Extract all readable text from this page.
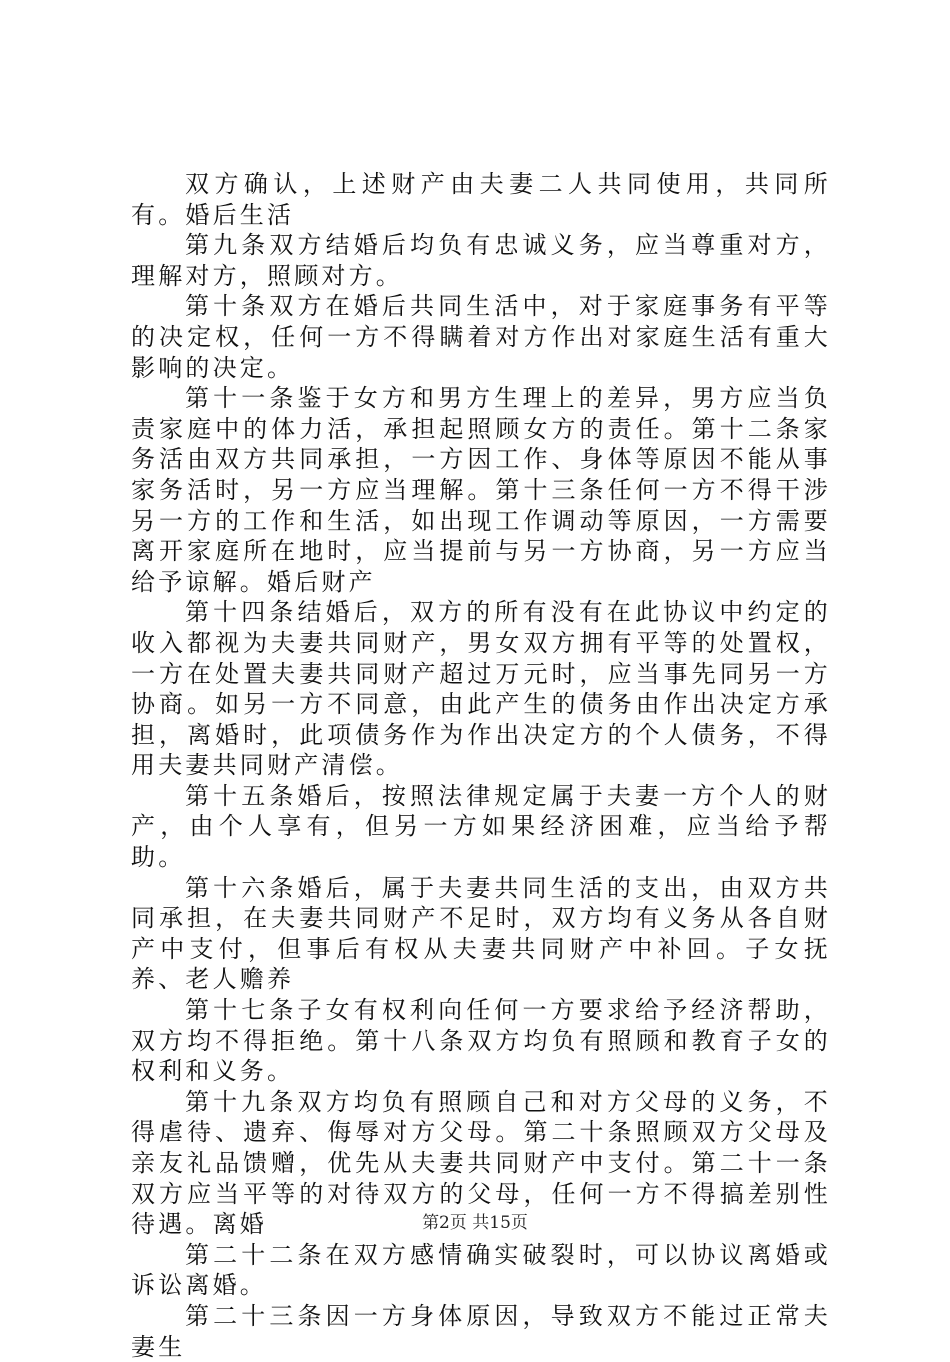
双方确认，上述财产由夫妻二人共同使用，共同所有。婚后生活

第九条双方结婚后均负有忠诚义务，应当尊重对方，理解对方，照顾对方。

第十条双方在婚后共同生活中，对于家庭事务有平等的决定权，任何一方不得瞒着对方作出对家庭生活有重大影响的决定。

第十一条鉴于女方和男方生理上的差异，男方应当负责家庭中的体力活，承担起照顾女方的责任。第十二条家务活由双方共同承担，一方因工作、身体等原因不能从事家务活时，另一方应当理解。第十三条任何一方不得干涉另一方的工作和生活，如出现工作调动等原因，一方需要离开家庭所在地时，应当提前与另一方协商，另一方应当给予谅解。婚后财产

第十四条结婚后，双方的所有没有在此协议中约定的收入都视为夫妻共同财产，男女双方拥有平等的处置权，一方在处置夫妻共同财产超过万元时，应当事先同另一方协商。如另一方不同意，由此产生的债务由作出决定方承担，离婚时，此项债务作为作出决定方的个人债务，不得用夫妻共同财产清偿。

第十五条婚后，按照法律规定属于夫妻一方个人的财产，由个人享有，但另一方如果经济困难，应当给予帮助。

第十六条婚后，属于夫妻共同生活的支出，由双方共同承担，在夫妻共同财产不足时，双方均有义务从各自财产中支付，但事后有权从夫妻共同财产中补回。子女抚养、老人赡养

第十七条子女有权利向任何一方要求给予经济帮助，双方均不得拒绝。第十八条双方均负有照顾和教育子女的权利和义务。

第十九条双方均负有照顾自己和对方父母的义务，不得虐待、遗弃、侮辱对方父母。第二十条照顾双方父母及亲友礼品馈赠，优先从夫妻共同财产中支付。第二十一条双方应当平等的对待双方的父母，任何一方不得搞差别性待遇。离婚

第二十二条在双方感情确实破裂时，可以协议离婚或诉讼离婚。

第二十三条因一方身体原因，导致双方不能过正常夫妻生

第2页 共15页
